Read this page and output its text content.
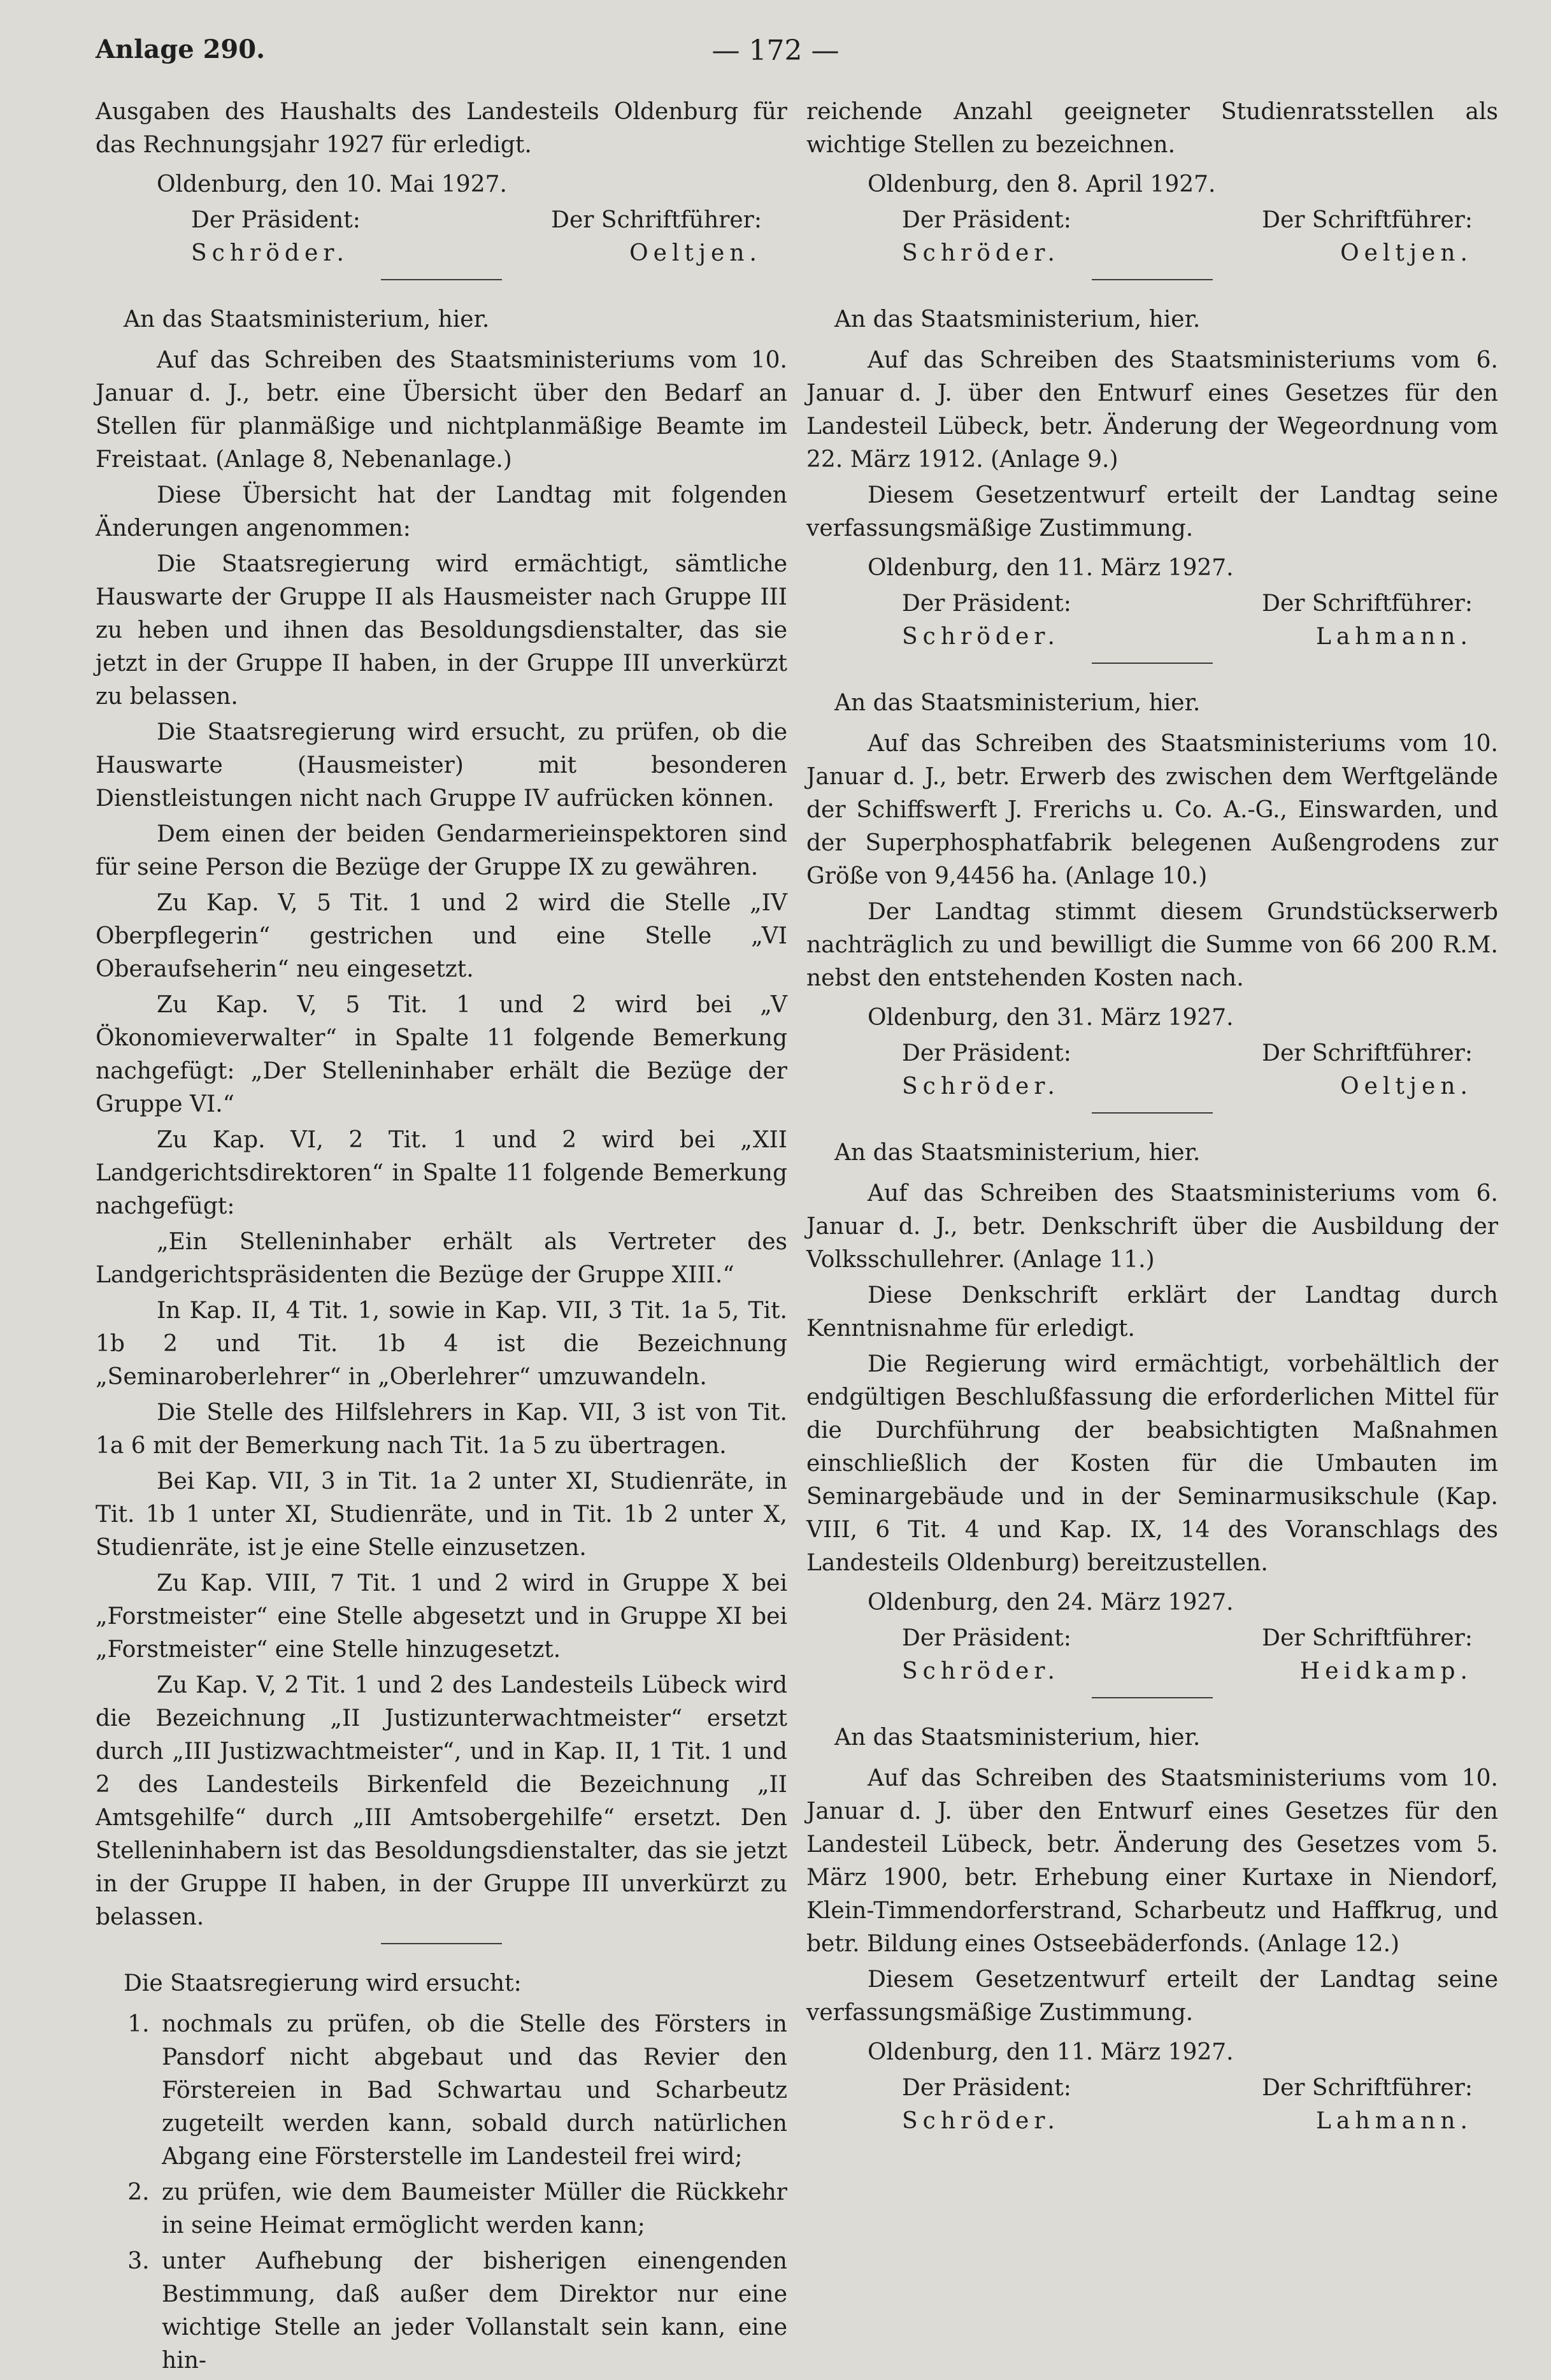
Anlage 290.	— 172 —

Ausgaben des Haushalts des Landesteils Oldenburg für das Rechnungsjahr 1927 für erledigt.

Oldenburg, den 10. Mai 1927.
Der Präsident:	Der Schriftführer:
Schröder.	Oeltjen.

An das Staatsministerium, hier.

Auf das Schreiben des Staatsministeriums vom 10. Januar d. J., betr. eine Übersicht über den Bedarf an Stellen für planmäßige und nichtplanmäßige Beamte im Freistaat. (Anlage 8, Nebenanlage.)

Diese Übersicht hat der Landtag mit folgenden Änderungen angenommen:

Die Staatsregierung wird ermächtigt, sämtliche Hauswarte der Gruppe II als Hausmeister nach Gruppe III zu heben und ihnen das Besoldungsdienstalter, das sie jetzt in der Gruppe II haben, in der Gruppe III unverkürzt zu belassen.

Die Staatsregierung wird ersucht, zu prüfen, ob die Hauswarte (Hausmeister) mit besonderen Dienstleistungen nicht nach Gruppe IV aufrücken können.

Dem einen der beiden Gendarmerieinspektoren sind für seine Person die Bezüge der Gruppe IX zu gewähren.

Zu Kap. V, 5 Tit. 1 und 2 wird die Stelle „IV Oberpflegerin“ gestrichen und eine Stelle „VI Oberaufseherin“ neu eingesetzt.

Zu Kap. V, 5 Tit. 1 und 2 wird bei „V Ökonomieverwalter“ in Spalte 11 folgende Bemerkung nachgefügt: „Der Stelleninhaber erhält die Bezüge der Gruppe VI.“

Zu Kap. VI, 2 Tit. 1 und 2 wird bei „XII Landgerichtsdirektoren“ in Spalte 11 folgende Bemerkung nachgefügt:

„Ein Stelleninhaber erhält als Vertreter des Landgerichtspräsidenten die Bezüge der Gruppe XIII.“

In Kap. II, 4 Tit. 1, sowie in Kap. VII, 3 Tit. 1a 5, Tit. 1b 2 und Tit. 1b 4 ist die Bezeichnung „Seminaroberlehrer“ in „Oberlehrer“ umzuwandeln.

Die Stelle des Hilfslehrers in Kap. VII, 3 ist von Tit. 1a 6 mit der Bemerkung nach Tit. 1a 5 zu übertragen.

Bei Kap. VII, 3 in Tit. 1a 2 unter XI, Studienräte, in Tit. 1b 1 unter XI, Studienräte, und in Tit. 1b 2 unter X, Studienräte, ist je eine Stelle einzusetzen.

Zu Kap. VIII, 7 Tit. 1 und 2 wird in Gruppe X bei „Forstmeister“ eine Stelle abgesetzt und in Gruppe XI bei „Forstmeister“ eine Stelle hinzugesetzt.

Zu Kap. V, 2 Tit. 1 und 2 des Landesteils Lübeck wird die Bezeichnung „II Justizunterwachtmeister“ ersetzt durch „III Justizwachtmeister“, und in Kap. II, 1 Tit. 1 und 2 des Landesteils Birkenfeld die Bezeichnung „II Amtsgehilfe“ durch „III Amtsobergehilfe“ ersetzt. Den Stelleninhabern ist das Besoldungsdienstalter, das sie jetzt in der Gruppe II haben, in der Gruppe III unverkürzt zu belassen.

Die Staatsregierung wird ersucht:

1. nochmals zu prüfen, ob die Stelle des Försters in Pansdorf nicht abgebaut und das Revier den Förstereien in Bad Schwartau und Scharbeutz zugeteilt werden kann, sobald durch natürlichen Abgang eine Försterstelle im Landesteil frei wird;
2. zu prüfen, wie dem Baumeister Müller die Rückkehr in seine Heimat ermöglicht werden kann;
3. unter Aufhebung der bisherigen einengenden Bestimmung, daß außer dem Direktor nur eine wichtige Stelle an jeder Vollanstalt sein kann, eine hin-

reichende Anzahl geeigneter Studienratsstellen als wichtige Stellen zu bezeichnen.

Oldenburg, den 8. April 1927.
Der Präsident:	Der Schriftführer:
Schröder.	Oeltjen.

An das Staatsministerium, hier.

Auf das Schreiben des Staatsministeriums vom 6. Januar d. J. über den Entwurf eines Gesetzes für den Landesteil Lübeck, betr. Änderung der Wegeordnung vom 22. März 1912. (Anlage 9.)

Diesem Gesetzentwurf erteilt der Landtag seine verfassungsmäßige Zustimmung.

Oldenburg, den 11. März 1927.
Der Präsident:	Der Schriftführer:
Schröder.	Lahmann.

An das Staatsministerium, hier.

Auf das Schreiben des Staatsministeriums vom 10. Januar d. J., betr. Erwerb des zwischen dem Werftgelände der Schiffswerft J. Frerichs u. Co. A.-G., Einswarden, und der Superphosphatfabrik belegenen Außengrodens zur Größe von 9,4456 ha. (Anlage 10.)

Der Landtag stimmt diesem Grundstückserwerb nachträglich zu und bewilligt die Summe von 66 200 R.M. nebst den entstehenden Kosten nach.

Oldenburg, den 31. März 1927.
Der Präsident:	Der Schriftführer:
Schröder.	Oeltjen.

An das Staatsministerium, hier.

Auf das Schreiben des Staatsministeriums vom 6. Januar d. J., betr. Denkschrift über die Ausbildung der Volksschullehrer. (Anlage 11.)

Diese Denkschrift erklärt der Landtag durch Kenntnisnahme für erledigt.

Die Regierung wird ermächtigt, vorbehältlich der endgültigen Beschlußfassung die erforderlichen Mittel für die Durchführung der beabsichtigten Maßnahmen einschließlich der Kosten für die Umbauten im Seminargebäude und in der Seminarmusikschule (Kap. VIII, 6 Tit. 4 und Kap. IX, 14 des Voranschlags des Landesteils Oldenburg) bereitzustellen.

Oldenburg, den 24. März 1927.
Der Präsident:	Der Schriftführer:
Schröder.	Heidkamp.

An das Staatsministerium, hier.

Auf das Schreiben des Staatsministeriums vom 10. Januar d. J. über den Entwurf eines Gesetzes für den Landesteil Lübeck, betr. Änderung des Gesetzes vom 5. März 1900, betr. Erhebung einer Kurtaxe in Niendorf, Klein-Timmendorferstrand, Scharbeutz und Haffkrug, und betr. Bildung eines Ostseebäderfonds. (Anlage 12.)

Diesem Gesetzentwurf erteilt der Landtag seine verfassungsmäßige Zustimmung.

Oldenburg, den 11. März 1927.
Der Präsident:	Der Schriftführer:
Schröder.	Lahmann.
